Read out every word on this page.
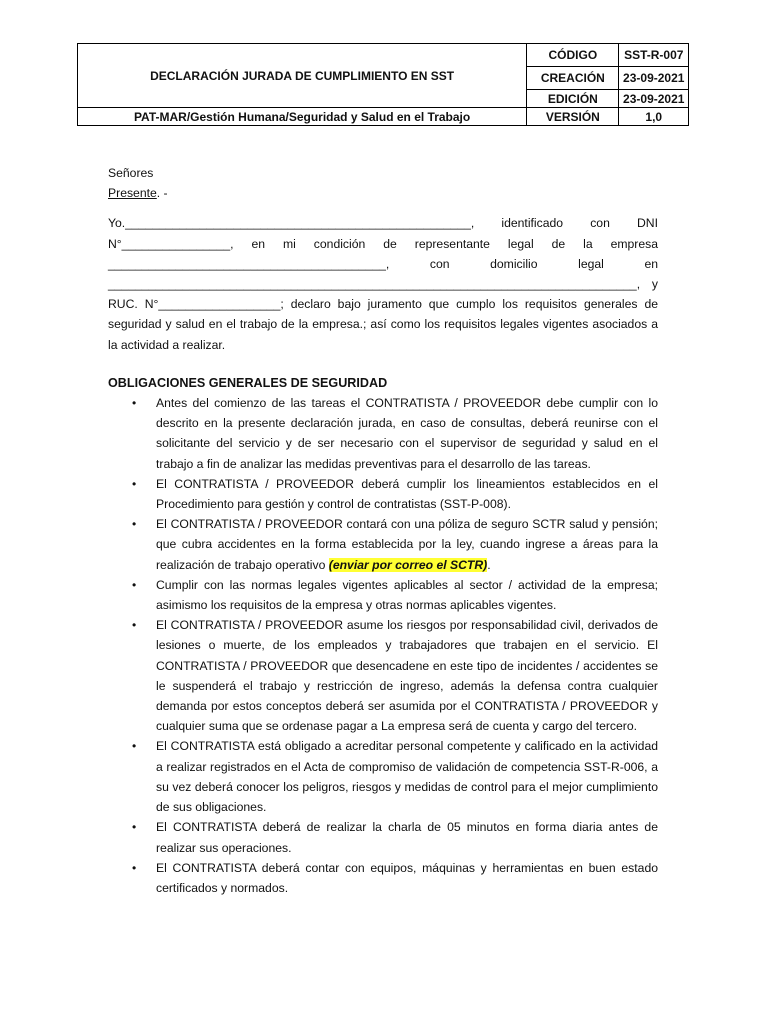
DECLARACIÓN JURADA DE CUMPLIMIENTO EN SST	CÓDIGO	SST-R-007
	CREACIÓN	23-09-2021
	EDICIÓN	23-09-2021
PAT-MAR/Gestión Humana/Seguridad y Salud en el Trabajo	VERSIÓN	1,0

Señores

Presente. -

Yo.___________________________________________________, identificado con DNI N°________________, en mi condición de representante legal de la empresa _________________________________________, con domicilio legal en ______________________________________________________________________________, y RUC. N°__________________; declaro bajo juramento que cumplo los requisitos generales de seguridad y salud en el trabajo de la empresa.; así como los requisitos legales vigentes asociados a la actividad a realizar.

OBLIGACIONES GENERALES DE SEGURIDAD

• Antes del comienzo de las tareas el CONTRATISTA / PROVEEDOR debe cumplir con lo descrito en la presente declaración jurada, en caso de consultas, deberá reunirse con el solicitante del servicio y de ser necesario con el supervisor de seguridad y salud en el trabajo a fin de analizar las medidas preventivas para el desarrollo de las tareas.
• El CONTRATISTA / PROVEEDOR deberá cumplir los lineamientos establecidos en el Procedimiento para gestión y control de contratistas (SST-P-008).
• El CONTRATISTA / PROVEEDOR contará con una póliza de seguro SCTR salud y pensión; que cubra accidentes en la forma establecida por la ley, cuando ingrese a áreas para la realización de trabajo operativo (enviar por correo el SCTR).
• Cumplir con las normas legales vigentes aplicables al sector / actividad de la empresa; asimismo los requisitos de la empresa y otras normas aplicables vigentes.
• El CONTRATISTA / PROVEEDOR asume los riesgos por responsabilidad civil, derivados de lesiones o muerte, de los empleados y trabajadores que trabajen en el servicio. El CONTRATISTA / PROVEEDOR que desencadene en este tipo de incidentes / accidentes se le suspenderá el trabajo y restricción de ingreso, además la defensa contra cualquier demanda por estos conceptos deberá ser asumida por el CONTRATISTA / PROVEEDOR y cualquier suma que se ordenase pagar a La empresa será de cuenta y cargo del tercero.
• El CONTRATISTA está obligado a acreditar personal competente y calificado en la actividad a realizar registrados en el Acta de compromiso de validación de competencia SST-R-006, a su vez deberá conocer los peligros, riesgos y medidas de control para el mejor cumplimiento de sus obligaciones.
• El CONTRATISTA deberá de realizar la charla de 05 minutos en forma diaria antes de realizar sus operaciones.
• El CONTRATISTA deberá contar con equipos, máquinas y herramientas en buen estado certificados y normados.
